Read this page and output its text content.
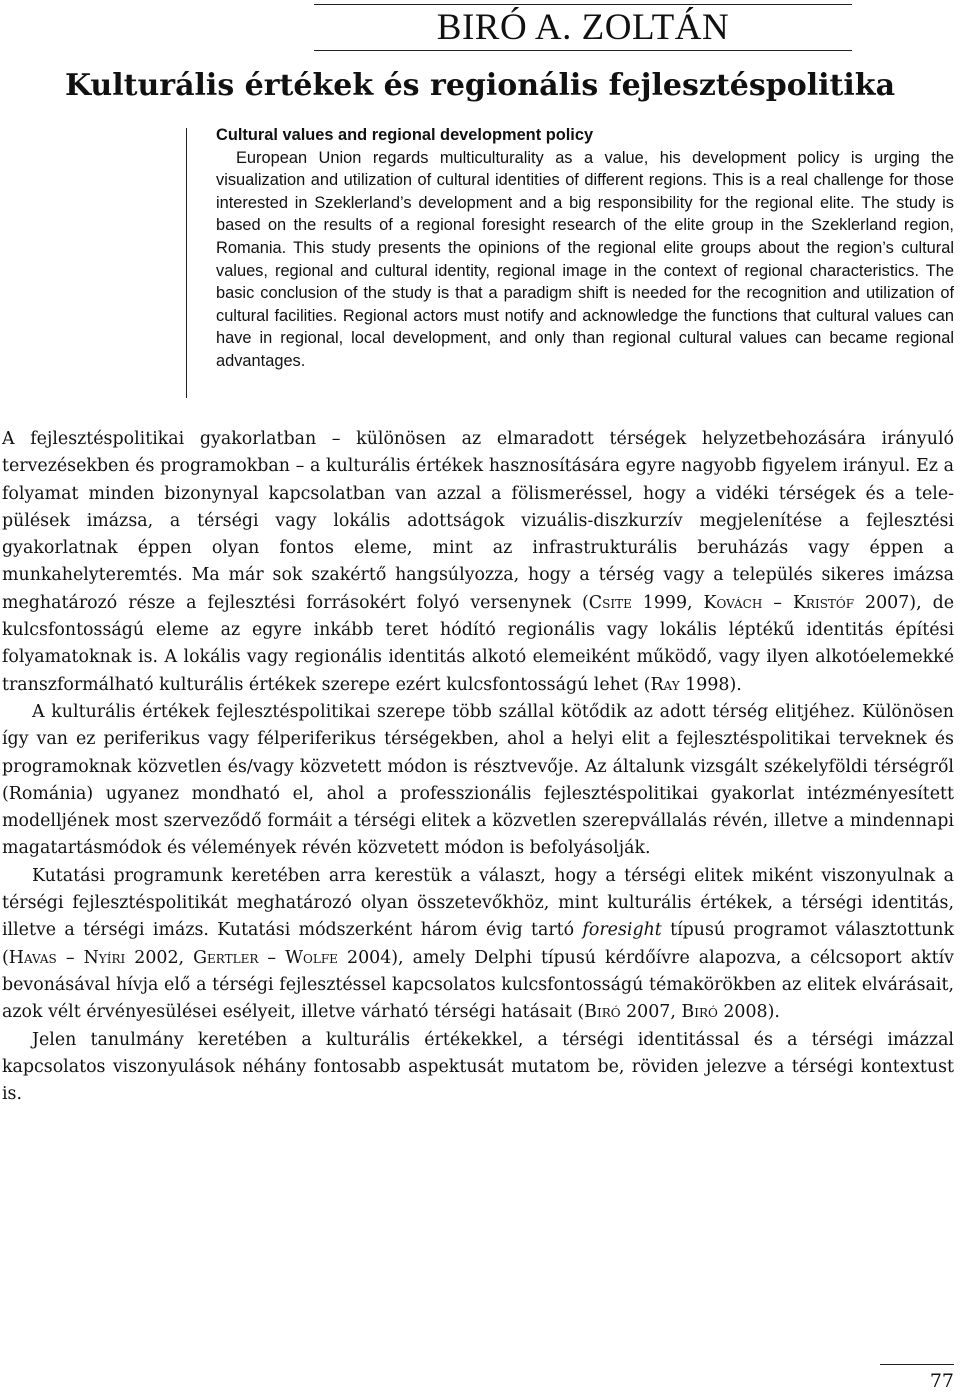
BIRÓ A. ZOLTÁN
Kulturális értékek és regionális fejlesztéspolitika
Cultural values and regional development policy

European Union regards multiculturality as a value, his development policy is urging the visualization and utilization of cultural identities of different regions. This is a real challenge for those interested in Szeklerland’s development and a big responsibility for the regional elite. The study is based on the results of a regional foresight research of the elite group in the Szeklerland region, Romania. This study presents the opinions of the regional elite groups about the region’s cultural values, regional and cultural identity, regional image in the context of regional characteristics. The basic conclusion of the study is that a paradigm shift is needed for the recognition and utilization of cultural facilities. Regional actors must notify and acknowledge the functions that cultural values can have in regional, local development, and only than regional cultural values can became regional advantages.

A fejlesztéspolitikai gyakorlatban – különösen az elmaradott térségek helyzetbehozására irányuló tervezésekben és programokban – a kulturális értékek hasznosítására egyre nagyobb figyelem irányul. Ez a folyamat minden bizonynyal kapcsolatban van azzal a fölismeréssel, hogy a vidéki térségek és a települések imázsa, a térségi vagy lokális adottságok vizuális-diszkurzív megjelenítése a fejlesztési gyakorlatnak éppen olyan fontos eleme, mint az infrastrukturális beruházás vagy éppen a munkahelyteremtés. Ma már sok szakértő hangsúlyozza, hogy a térség vagy a település sikeres imázsa meghatározó része a fejlesztési forrásokért folyó versenynek (Csite 1999, Kovách – Kristóf 2007), de kulcsfontosságú eleme az egyre inkább teret hódító regionális vagy lokális léptékű identitás építési folyamatoknak is. A lokális vagy regionális identitás alkotó elemeiként működő, vagy ilyen alkotóelemekké transzformálható kulturális értékek szerepe ezért kulcsfontosságú lehet (Ray 1998).

A kulturális értékek fejlesztéspolitikai szerepe több szállal kötődik az adott térség elitjéhez. Különösen így van ez periferikus vagy félperiferikus térségekben, ahol a helyi elit a fejlesztéspolitikai terveknek és programoknak közvetlen és/vagy közvetett módon is résztvevője. Az általunk vizsgált székelyföldi térségről (Románia) ugyanez mondható el, ahol a professzionális fejlesztéspolitikai gyakorlat intézményesített modelljének most szerveződő formáit a térségi elitek a közvetlen szerepvállalás révén, illetve a mindennapi magatartásmódok és vélemények révén közvetett módon is befolyásolják.

Kutatási programunk keretében arra kerestük a választ, hogy a térségi elitek miként viszonyulnak a térségi fejlesztéspolitikát meghatározó olyan összetevőkhöz, mint kulturális értékek, a térségi identitás, illetve a térségi imázs. Kutatási módszerként három évig tartó foresight típusú programot választottunk (Havas – Nyíri 2002, Gertler – Wolfe 2004), amely Delphi típusú kérdőívre alapozva, a célcsoport aktív bevonásával hívja elő a térségi fejlesztéssel kapcsolatos kulcsfontosságú témakörökben az elitek elvárásait, azok vélt érvényesülései esélyeit, illetve várható térségi hatásait (Biró 2007, Biró 2008).

Jelen tanulmány keretében a kulturális értékekkel, a térségi identitással és a térségi imázzal kapcsolatos viszonyulások néhány fontosabb aspektusát mutatom be, röviden jelezve a térségi kontextust is.

77
